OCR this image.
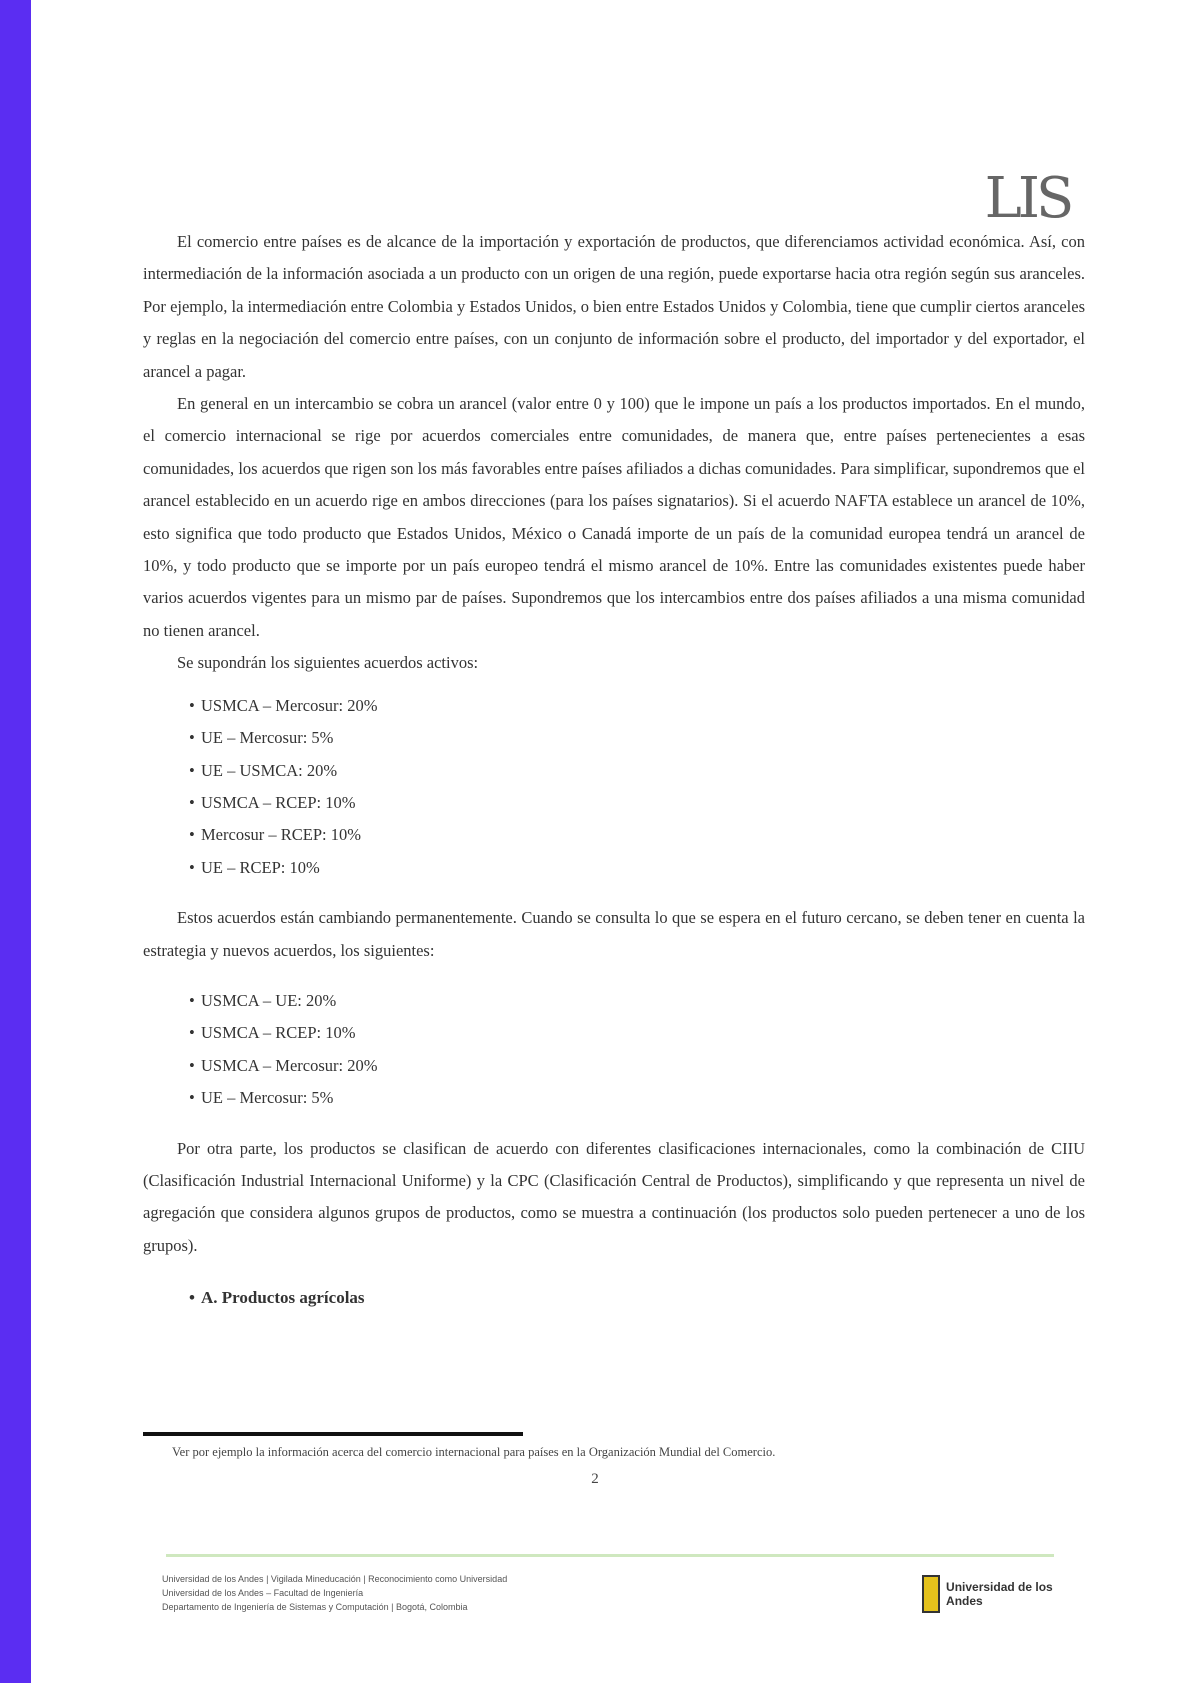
LIS

El comercio entre países es de alcance de la importación y exportación de productos, que diferenciamos actividad económica. Así, con intermediación de la información asociada a un producto con un origen de una región, puede exportarse hacia otra región según sus aranceles. Por ejemplo, la intermediación entre Colombia y Estados Unidos, o bien entre Estados Unidos y Colombia, tiene que cumplir ciertos aranceles y reglas en la negociación del comercio entre países, con un conjunto de información sobre el producto, del importador y del exportador, el arancel a pagar.

En general en un intercambio se cobra un arancel (valor entre 0 y 100) que le impone un país a los productos importados. En el mundo, el comercio internacional se rige por acuerdos comerciales entre comunidades, de manera que, entre países pertenecientes a esas comunidades, los acuerdos que rigen son los más favorables entre países afiliados a dichas comunidades. Para simplificar, supondremos que el arancel establecido en un acuerdo rige en ambos direcciones (para los países signatarios). Si el acuerdo NAFTA establece un arancel de 10%, esto significa que todo producto que Estados Unidos, México o Canadá importe de un país de la comunidad europea tendrá un arancel de 10%, y todo producto que se importe por un país europeo tendrá el mismo arancel de 10%. Entre las comunidades existentes puede haber varios acuerdos vigentes para un mismo par de países. Supondremos que los intercambios entre dos países afiliados a una misma comunidad no tienen arancel.

Se supondrán los siguientes acuerdos activos:

• USMCA – Mercosur: 20%
• UE – Mercosur: 5%
• UE – USMCA: 20%
• USMCA – RCEP: 10%
• Mercosur – RCEP: 10%
• UE – RCEP: 10%

Estos acuerdos están cambiando permanentemente. Cuando se consulta lo que se espera en el futuro cercano, se deben tener en cuenta la estrategia y nuevos acuerdos, los siguientes:

• USMCA – UE: 20%
• USMCA – RCEP: 10%
• USMCA – Mercosur: 20%
• UE – Mercosur: 5%

Por otra parte, los productos se clasifican de acuerdo con diferentes clasificaciones internacionales, como la combinación de CIIU (Clasificación Industrial Internacional Uniforme) y la CPC (Clasificación Central de Productos), simplificando y que representa un nivel de agregación que considera algunos grupos de productos, como se muestra a continuación (los productos solo pueden pertenecer a uno de los grupos).

• A. Productos agrícolas
Ver por ejemplo la información acerca del comercio internacional para países en la Organización Mundial del Comercio.
2
Universidad de los Andes | Vigilada Mineducación | Reconocimiento como Universidad
Universidad de los Andes – Facultad de Ingeniería
Departamento de Ingeniería de Sistemas y Computación | Bogotá, Colombia
Universidad de los Andes
